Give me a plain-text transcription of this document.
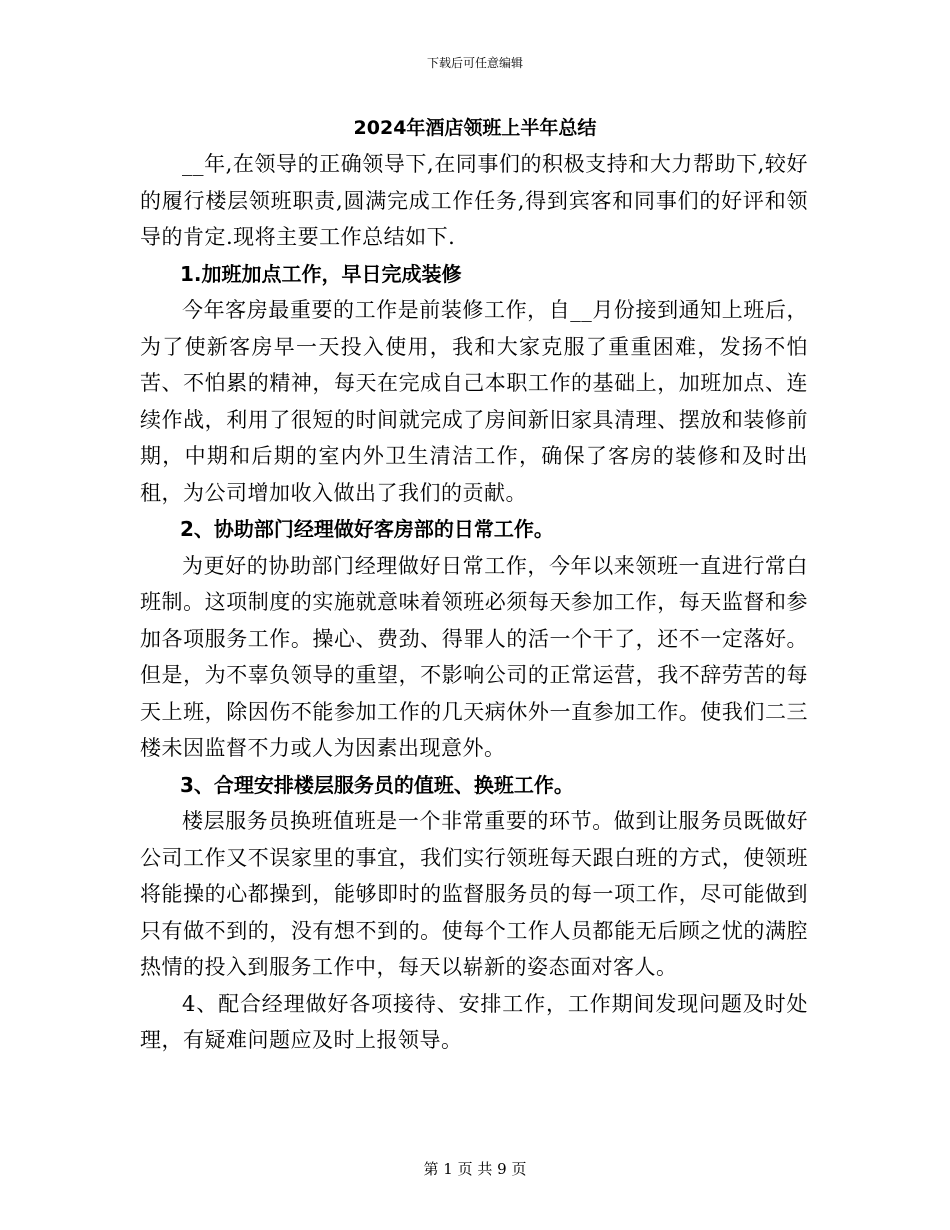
下载后可任意编辑
2024年酒店领班上半年总结

__年,在领导的正确领导下,在同事们的积极支持和大力帮助下,较好的履行楼层领班职责,圆满完成工作任务,得到宾客和同事们的好评和领导的肯定.现将主要工作总结如下.

1.加班加点工作，早日完成装修

今年客房最重要的工作是前装修工作，自__月份接到通知上班后，为了使新客房早一天投入使用，我和大家克服了重重困难，发扬不怕苦、不怕累的精神，每天在完成自己本职工作的基础上，加班加点、连续作战，利用了很短的时间就完成了房间新旧家具清理、摆放和装修前期，中期和后期的室内外卫生清洁工作，确保了客房的装修和及时出租，为公司增加收入做出了我们的贡献。

2、协助部门经理做好客房部的日常工作。

为更好的协助部门经理做好日常工作，今年以来领班一直进行常白班制。这项制度的实施就意味着领班必须每天参加工作，每天监督和参加各项服务工作。操心、费劲、得罪人的活一个干了，还不一定落好。但是，为不辜负领导的重望，不影响公司的正常运营，我不辞劳苦的每天上班，除因伤不能参加工作的几天病休外一直参加工作。使我们二三楼未因监督不力或人为因素出现意外。

3、合理安排楼层服务员的值班、换班工作。

楼层服务员换班值班是一个非常重要的环节。做到让服务员既做好公司工作又不误家里的事宜，我们实行领班每天跟白班的方式，使领班将能操的心都操到，能够即时的监督服务员的每一项工作，尽可能做到只有做不到的，没有想不到的。使每个工作人员都能无后顾之忧的满腔热情的投入到服务工作中，每天以崭新的姿态面对客人。

4、配合经理做好各项接待、安排工作，工作期间发现问题及时处理，有疑难问题应及时上报领导。

第 1 页 共 9 页
